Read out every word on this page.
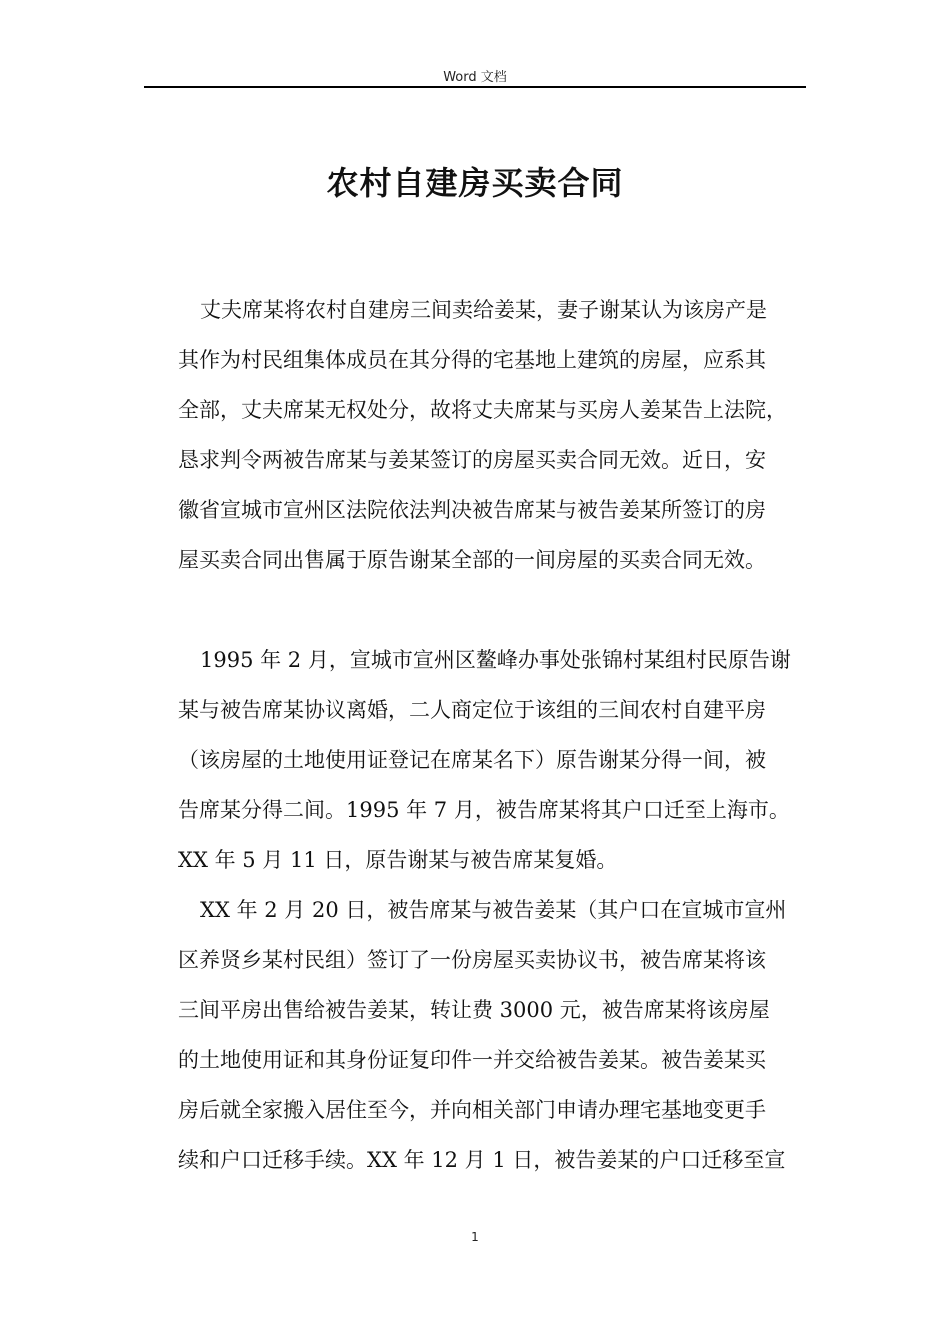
Word 文档
农村自建房买卖合同
丈夫席某将农村自建房三间卖给姜某，妻子谢某认为该房产是
其作为村民组集体成员在其分得的宅基地上建筑的房屋，应系其
全部，丈夫席某无权处分，故将丈夫席某与买房人姜某告上法院，
恳求判令两被告席某与姜某签订的房屋买卖合同无效。近日，安
徽省宣城市宣州区法院依法判决被告席某与被告姜某所签订的房
屋买卖合同出售属于原告谢某全部的一间房屋的买卖合同无效。
1995 年 2 月，宣城市宣州区鳌峰办事处张锦村某组村民原告谢
某与被告席某协议离婚，二人商定位于该组的三间农村自建平房
（该房屋的土地使用证登记在席某名下）原告谢某分得一间，被
告席某分得二间。1995 年 7 月，被告席某将其户口迁至上海市。
XX 年 5 月 11 日，原告谢某与被告席某复婚。
XX 年 2 月 20 日，被告席某与被告姜某（其户口在宣城市宣州
区养贤乡某村民组）签订了一份房屋买卖协议书，被告席某将该
三间平房出售给被告姜某，转让费 3000 元，被告席某将该房屋
的土地使用证和其身份证复印件一并交给被告姜某。被告姜某买
房后就全家搬入居住至今，并向相关部门申请办理宅基地变更手
续和户口迁移手续。XX 年 12 月 1 日，被告姜某的户口迁移至宣
1
